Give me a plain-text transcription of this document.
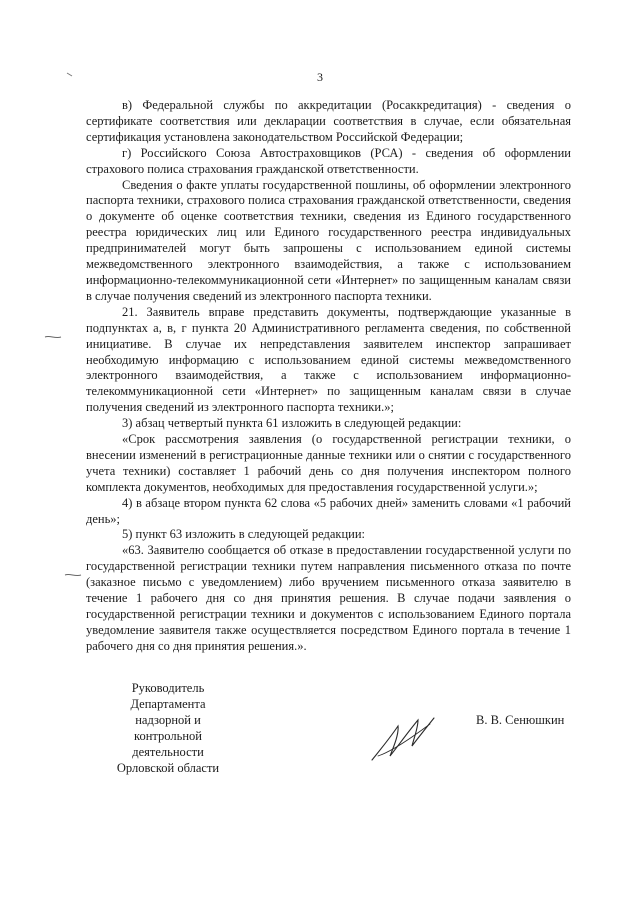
3

в) Федеральной службы по аккредитации (Росаккредитация) - сведения о сертификате соответствия или декларации соответствия в случае, если обязательная сертификация установлена законодательством Российской Федерации;

г) Российского Союза Автостраховщиков (РСА) - сведения об оформлении страхового полиса страхования гражданской ответственности.

Сведения о факте уплаты государственной пошлины, об оформлении электронного паспорта техники, страхового полиса страхования гражданской ответственности, сведения о документе об оценке соответствия техники, сведения из Единого государственного реестра юридических лиц или Единого государственного реестра индивидуальных предпринимателей могут быть запрошены с использованием единой системы межведомственного электронного взаимодействия, а также с использованием информационно-телекоммуникационной сети «Интернет» по защищенным каналам связи в случае получения сведений из электронного паспорта техники.

21. Заявитель вправе представить документы, подтверждающие указанные в подпунктах а, в, г пункта 20 Административного регламента сведения, по собственной инициативе. В случае их непредставления заявителем инспектор запрашивает необходимую информацию с использованием единой системы межведомственного электронного взаимодействия, а также с использованием информационно-телекоммуникационной сети «Интернет» по защищенным каналам связи в случае получения сведений из электронного паспорта техники.»;

3) абзац четвертый пункта 61 изложить в следующей редакции:

«Срок рассмотрения заявления (о государственной регистрации техники, о внесении изменений в регистрационные данные техники или о снятии с государственного учета техники) составляет 1 рабочий день со дня получения инспектором полного комплекта документов, необходимых для предоставления государственной услуги.»;

4) в абзаце втором пункта 62 слова «5 рабочих дней» заменить словами «1 рабочий день»;

5) пункт 63 изложить в следующей редакции:

«63. Заявителю сообщается об отказе в предоставлении государственной услуги по государственной регистрации техники путем направления письменного отказа по почте (заказное письмо с уведомлением) либо вручением письменного отказа заявителю в течение 1 рабочего дня со дня принятия решения. В случае подачи заявления о государственной регистрации техники и документов с использованием Единого портала уведомление заявителя также осуществляется посредством Единого портала в течение 1 рабочего дня со дня принятия решения.».

Руководитель
Департамента
надзорной и
контрольной
деятельности
Орловской области
В. В. Сенюшкин
